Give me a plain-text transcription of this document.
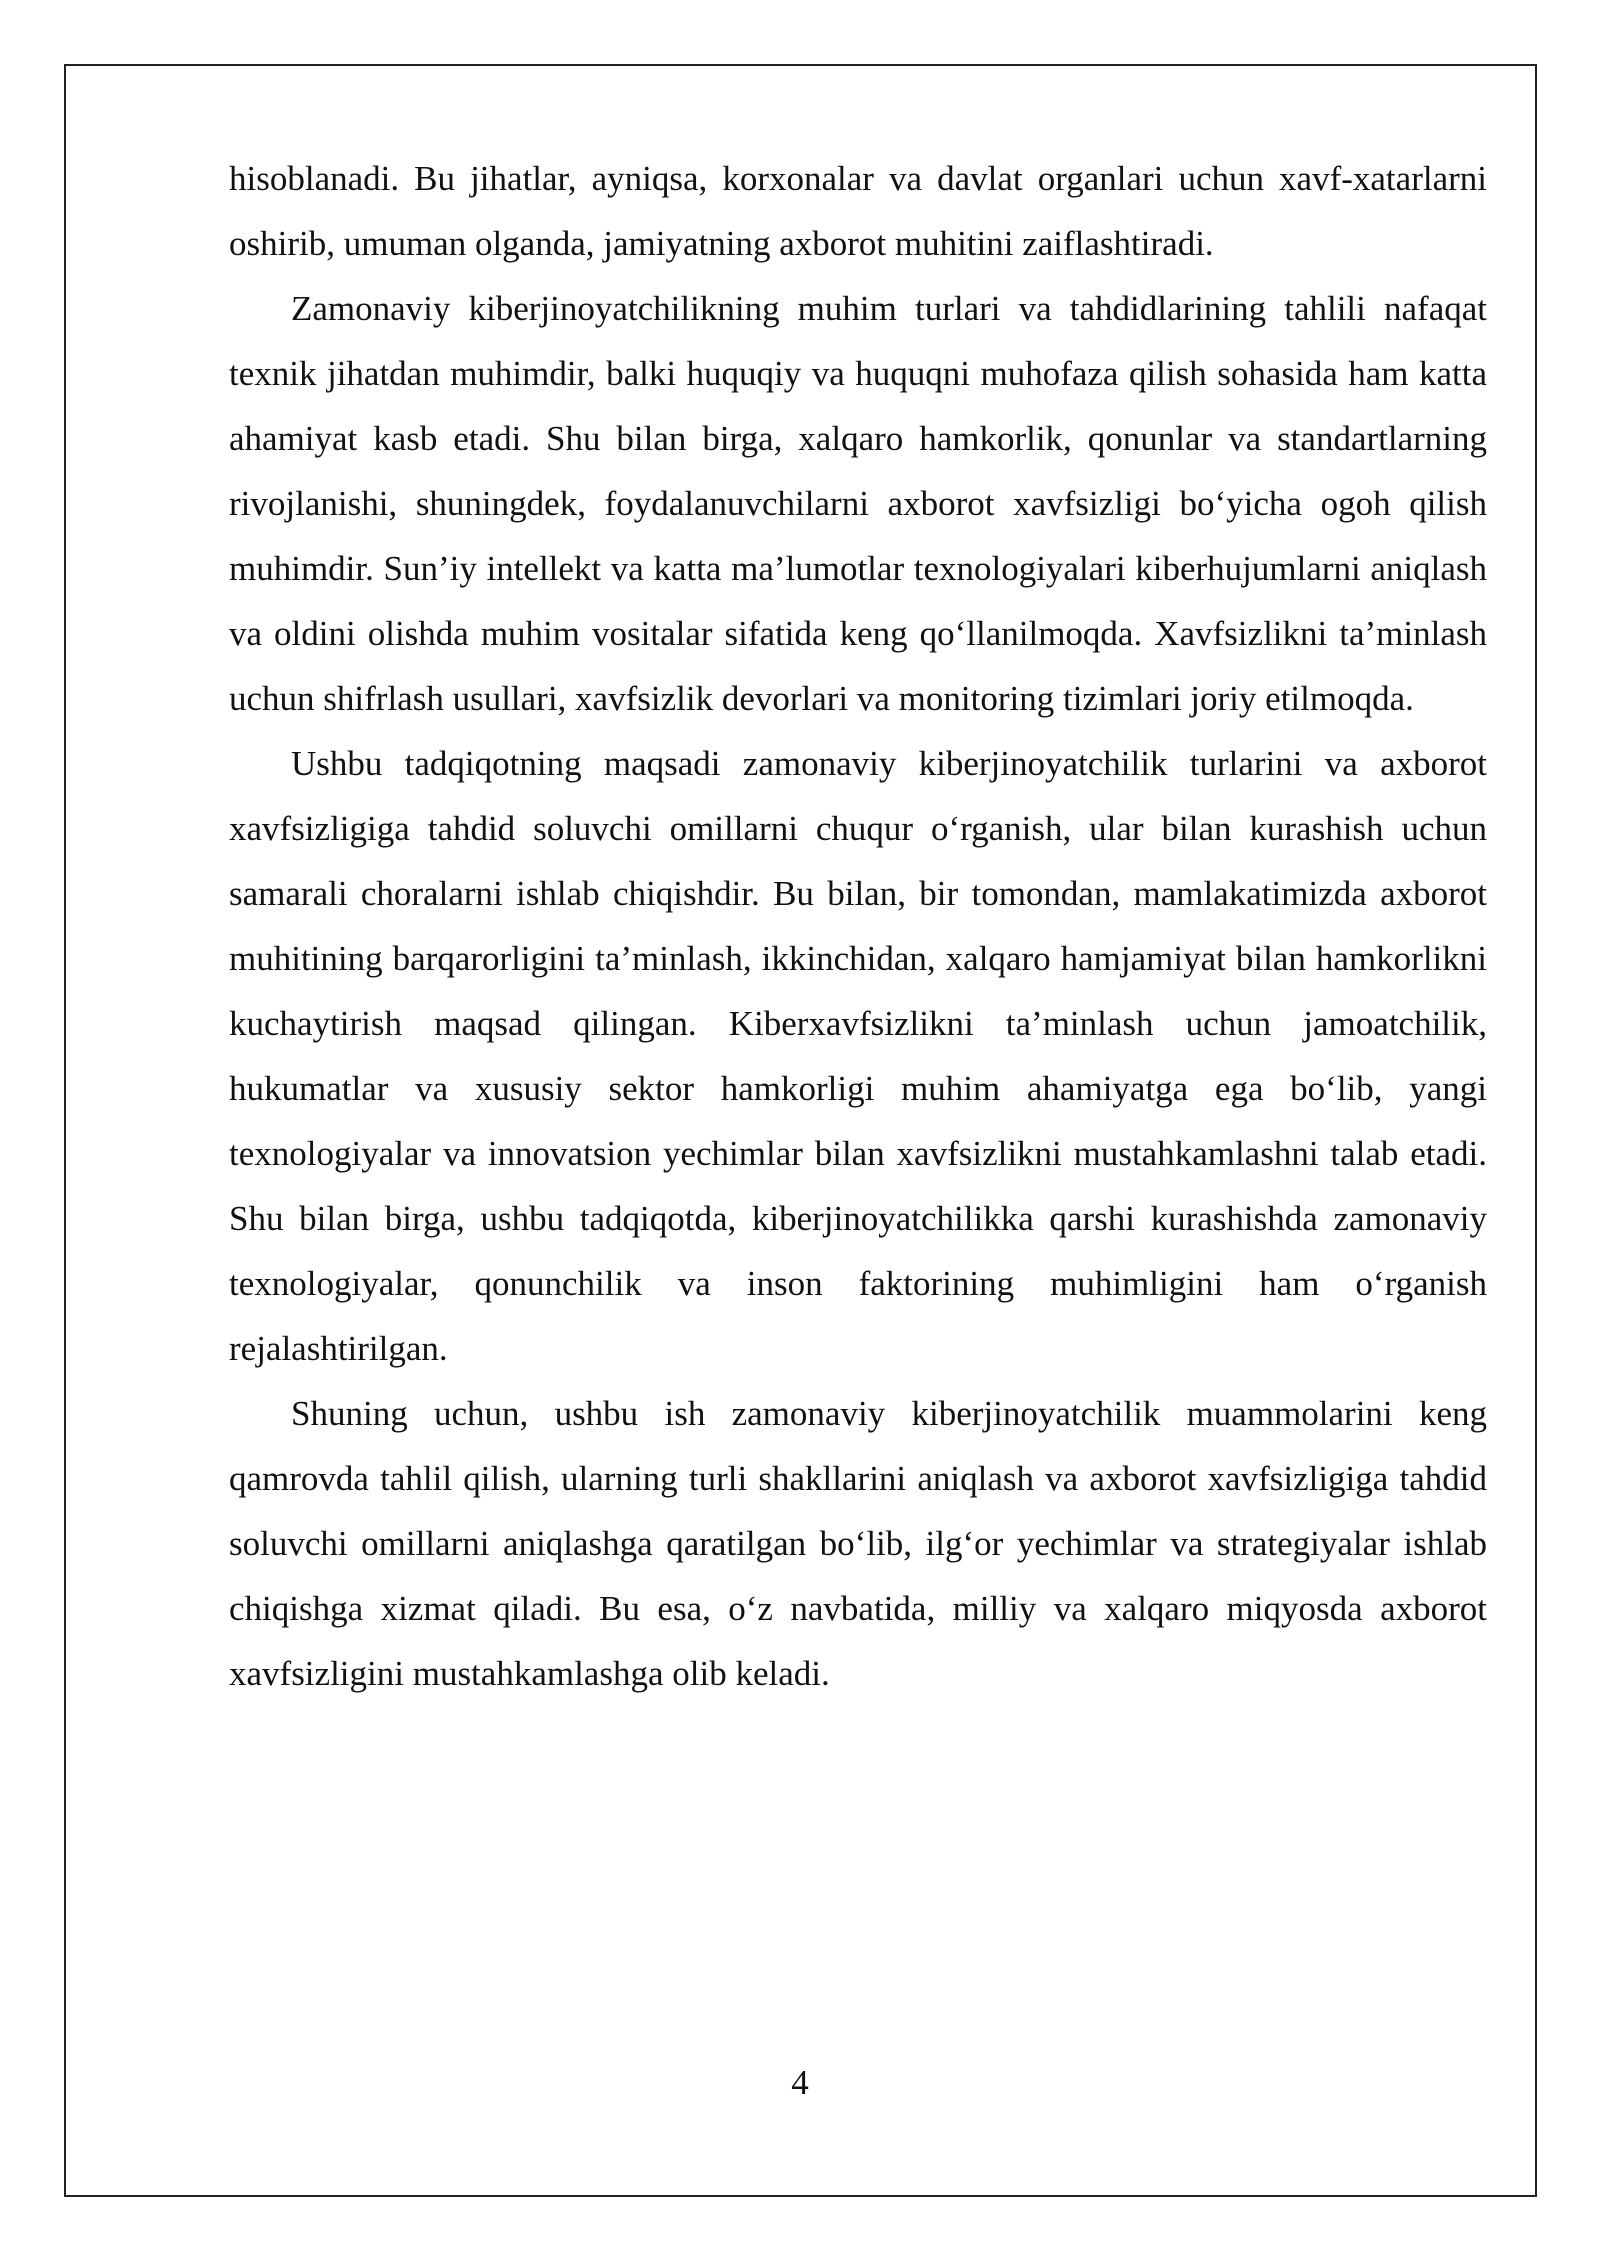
hisoblanadi. Bu jihatlar, ayniqsa, korxonalar va davlat organlari uchun xavf-xatarlarni oshirib, umuman olganda, jamiyatning axborot muhitini zaiflashtiradi.

Zamonaviy kiberjinoyatchilikning muhim turlari va tahdidlarining tahlili nafaqat texnik jihatdan muhimdir, balki huquqiy va huquqni muhofaza qilish sohasida ham katta ahamiyat kasb etadi. Shu bilan birga, xalqaro hamkorlik, qonunlar va standartlarning rivojlanishi, shuningdek, foydalanuvchilarni axborot xavfsizligi bo‘yicha ogoh qilish muhimdir. Sun’iy intellekt va katta ma’lumotlar texnologiyalari kiberhujumlarni aniqlash va oldini olishda muhim vositalar sifatida keng qo‘llanilmoqda. Xavfsizlikni ta’minlash uchun shifrlash usullari, xavfsizlik devorlari va monitoring tizimlari joriy etilmoqda.

Ushbu tadqiqotning maqsadi zamonaviy kiberjinoyatchilik turlarini va axborot xavfsizligiga tahdid soluvchi omillarni chuqur o‘rganish, ular bilan kurashish uchun samarali choralarni ishlab chiqishdir. Bu bilan, bir tomondan, mamlakatimizda axborot muhitining barqarorligini ta’minlash, ikkinchidan, xalqaro hamjamiyat bilan hamkorlikni kuchaytirish maqsad qilingan. Kiberxavfsizlikni ta’minlash uchun jamoatchilik, hukumatlar va xususiy sektor hamkorligi muhim ahamiyatga ega bo‘lib, yangi texnologiyalar va innovatsion yechimlar bilan xavfsizlikni mustahkamlashni talab etadi. Shu bilan birga, ushbu tadqiqotda, kiberjinoyatchilikka qarshi kurashishda zamonaviy texnologiyalar, qonunchilik va inson faktorining muhimligini ham o‘rganish rejalashtirilgan.

Shuning uchun, ushbu ish zamonaviy kiberjinoyatchilik muammolarini keng qamrovda tahlil qilish, ularning turli shakllarini aniqlash va axborot xavfsizligiga tahdid soluvchi omillarni aniqlashga qaratilgan bo‘lib, ilg‘or yechimlar va strategiyalar ishlab chiqishga xizmat qiladi. Bu esa, o‘z navbatida, milliy va xalqaro miqyosda axborot xavfsizligini mustahkamlashga olib keladi.

4
